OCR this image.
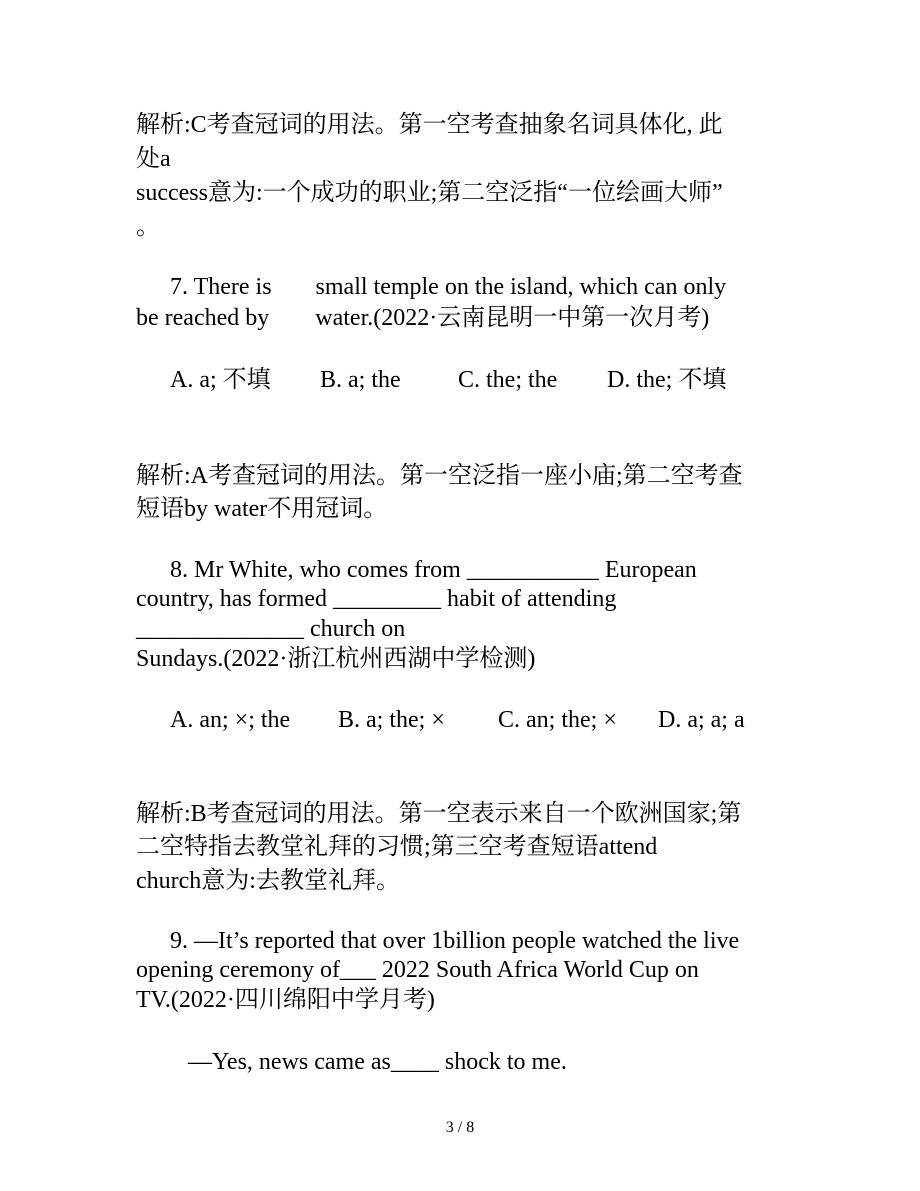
解析:C考查冠词的用法。第一空考查抽象名词具体化, 此
处a
success意为:一个成功的职业;第二空泛指“一位绘画大师”
。
7. There is small temple on the island, which can only
be reached by water.(2022·云南昆明一中第一次月考)
A. a; 不填 B. a; the C. the; the D. the; 不填
解析:A考查冠词的用法。第一空泛指一座小庙;第二空考查
短语by water不用冠词。
8. Mr White, who comes from ___________ European
country, has formed _________ habit of attending
______________ church on
Sundays.(2022·浙江杭州西湖中学检测)
A. an; ×; the B. a; the; × C. an; the; × D. a; a; a
解析:B考查冠词的用法。第一空表示来自一个欧洲国家;第
二空特指去教堂礼拜的习惯;第三空考查短语attend
church意为:去教堂礼拜。
9. —It’s reported that over 1billion people watched the live
opening ceremony of___ 2022 South Africa World Cup on
TV.(2022·四川绵阳中学月考)
—Yes, news came as____ shock to me.
3 / 8
